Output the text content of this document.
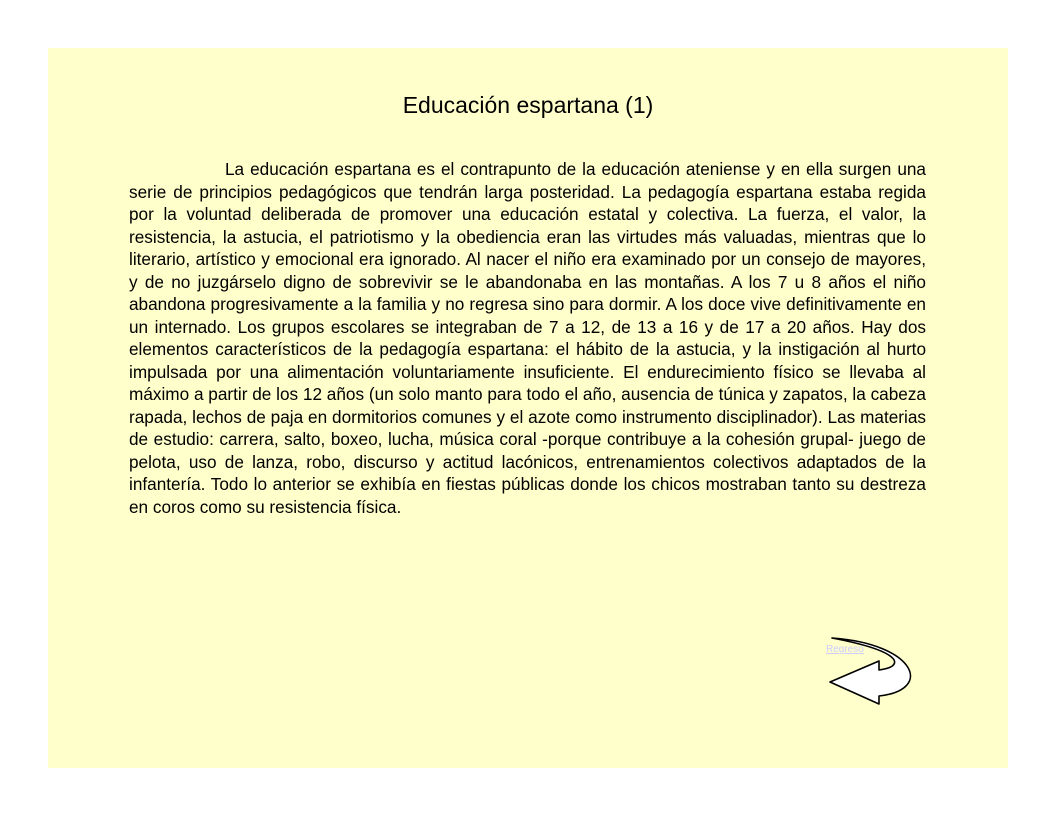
Educación espartana (1)

La educación espartana es el contrapunto de la educación ateniense y en ella surgen una serie de principios pedagógicos que tendrán larga posteridad. La pedagogía espartana estaba regida por la voluntad deliberada de promover una educación estatal y colectiva. La fuerza, el valor, la resistencia, la astucia, el patriotismo y la obediencia eran las virtudes más valuadas, mientras que lo literario, artístico y emocional era ignorado. Al nacer el niño era examinado por un consejo de mayores, y de no juzgárselo digno de sobrevivir se le abandonaba en las montañas. A los 7 u 8 años el niño abandona progresivamente a la familia y no regresa sino para dormir. A los doce vive definitivamente en un internado. Los grupos escolares se integraban de 7 a 12, de 13 a 16 y de 17 a 20 años. Hay dos elementos característicos de la pedagogía espartana: el hábito de la astucia, y la instigación al hurto impulsada por una alimentación voluntariamente insuficiente. El endurecimiento físico se llevaba al máximo a partir de los 12 años (un solo manto para todo el año, ausencia de túnica y zapatos, la cabeza rapada, lechos de paja en dormitorios comunes y el azote como instrumento disciplinador). Las materias de estudio: carrera, salto, boxeo, lucha, música coral -porque contribuye a la cohesión grupal- juego de pelota, uso de lanza, robo, discurso y actitud lacónicos, entrenamientos colectivos adaptados de la infantería. Todo lo anterior se exhibía en fiestas públicas donde los chicos mostraban tanto su destreza en coros como su resistencia física.

Regreso
